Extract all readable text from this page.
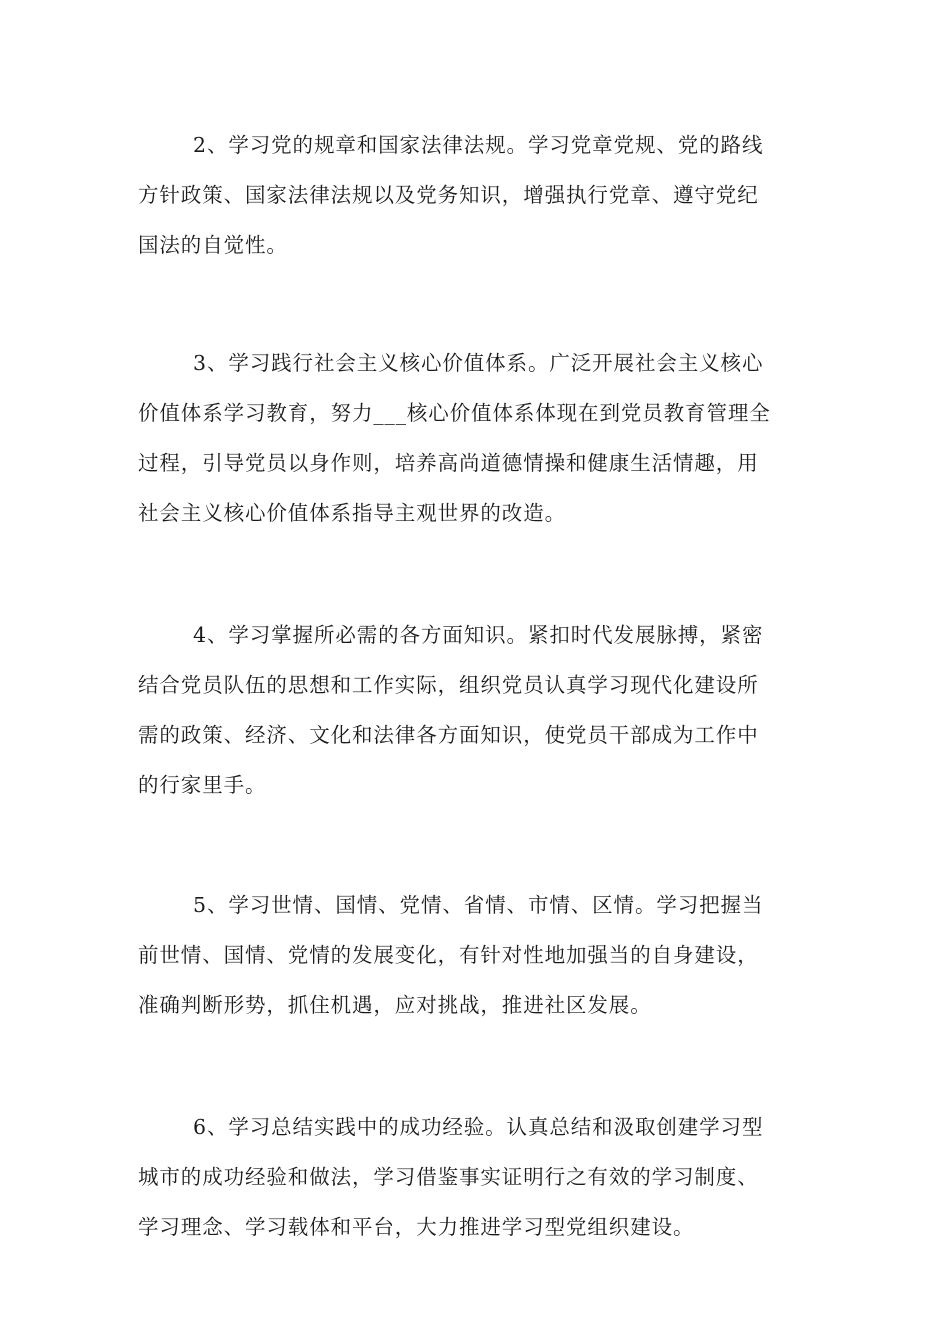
2、学习党的规章和国家法律法规。学习党章党规、党的路线
方针政策、国家法律法规以及党务知识，增强执行党章、遵守党纪
国法的自觉性。
3、学习践行社会主义核心价值体系。广泛开展社会主义核心
价值体系学习教育，努力___核心价值体系体现在到党员教育管理全
过程，引导党员以身作则，培养高尚道德情操和健康生活情趣，用
社会主义核心价值体系指导主观世界的改造。
4、学习掌握所必需的各方面知识。紧扣时代发展脉搏，紧密
结合党员队伍的思想和工作实际，组织党员认真学习现代化建设所
需的政策、经济、文化和法律各方面知识，使党员干部成为工作中
的行家里手。
5、学习世情、国情、党情、省情、市情、区情。学习把握当
前世情、国情、党情的发展变化，有针对性地加强当的自身建设，
准确判断形势，抓住机遇，应对挑战，推进社区发展。
6、学习总结实践中的成功经验。认真总结和汲取创建学习型
城市的成功经验和做法，学习借鉴事实证明行之有效的学习制度、
学习理念、学习载体和平台，大力推进学习型党组织建设。
